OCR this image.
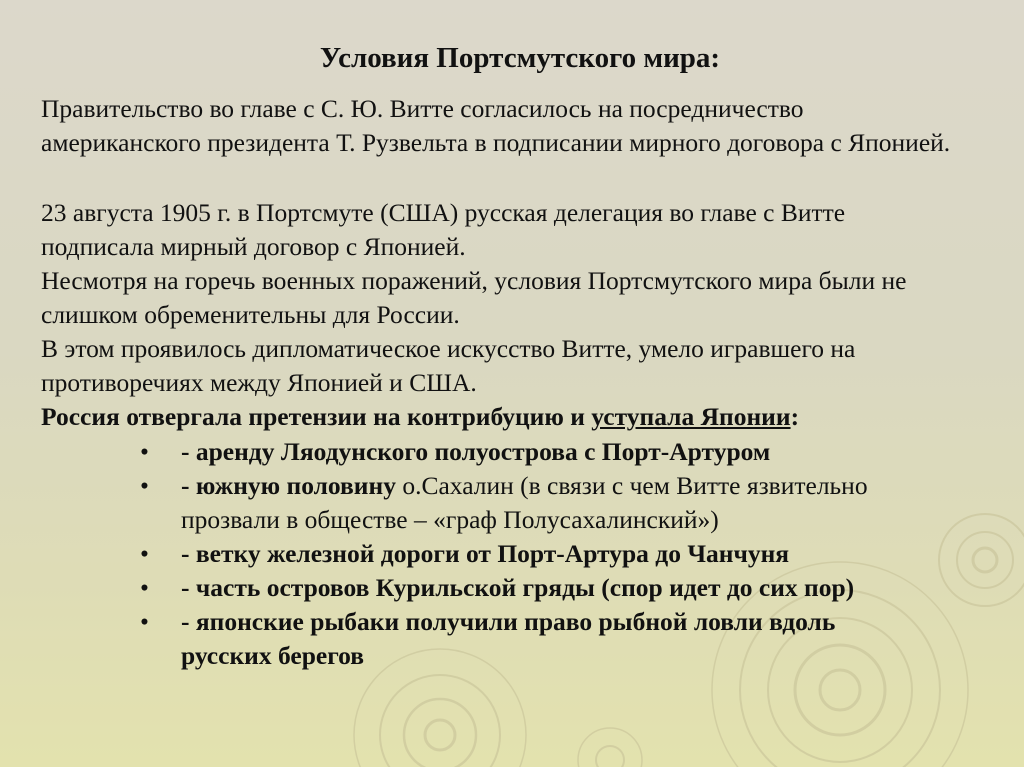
Условия Портсмутского мира:

Правительство во главе с С. Ю. Витте согласилось на посредничество американского президента Т. Рузвельта в подписании мирного договора с Японией.

23 августа 1905 г. в Портсмуте (США) русская делегация во главе с Витте подписала мирный договор с Японией.

Несмотря на горечь военных поражений, условия Портсмутского мира были не слишком обременительны для России.

В этом проявилось дипломатическое искусство Витте, умело игравшего на противоречиях между Японией и США.

Россия отвергала претензии на контрибуцию и уступала Японии:

• - аренду Ляодунского полуострова с Порт-Артуром
• - южную половину о.Сахалин (в связи с чем Витте язвительно прозвали в обществе – «граф Полусахалинский»)
• - ветку железной дороги от Порт-Артура до Чанчуня
• - часть островов Курильской гряды (спор идет до сих пор)
• - японские рыбаки получили право рыбной ловли вдоль русских берегов
